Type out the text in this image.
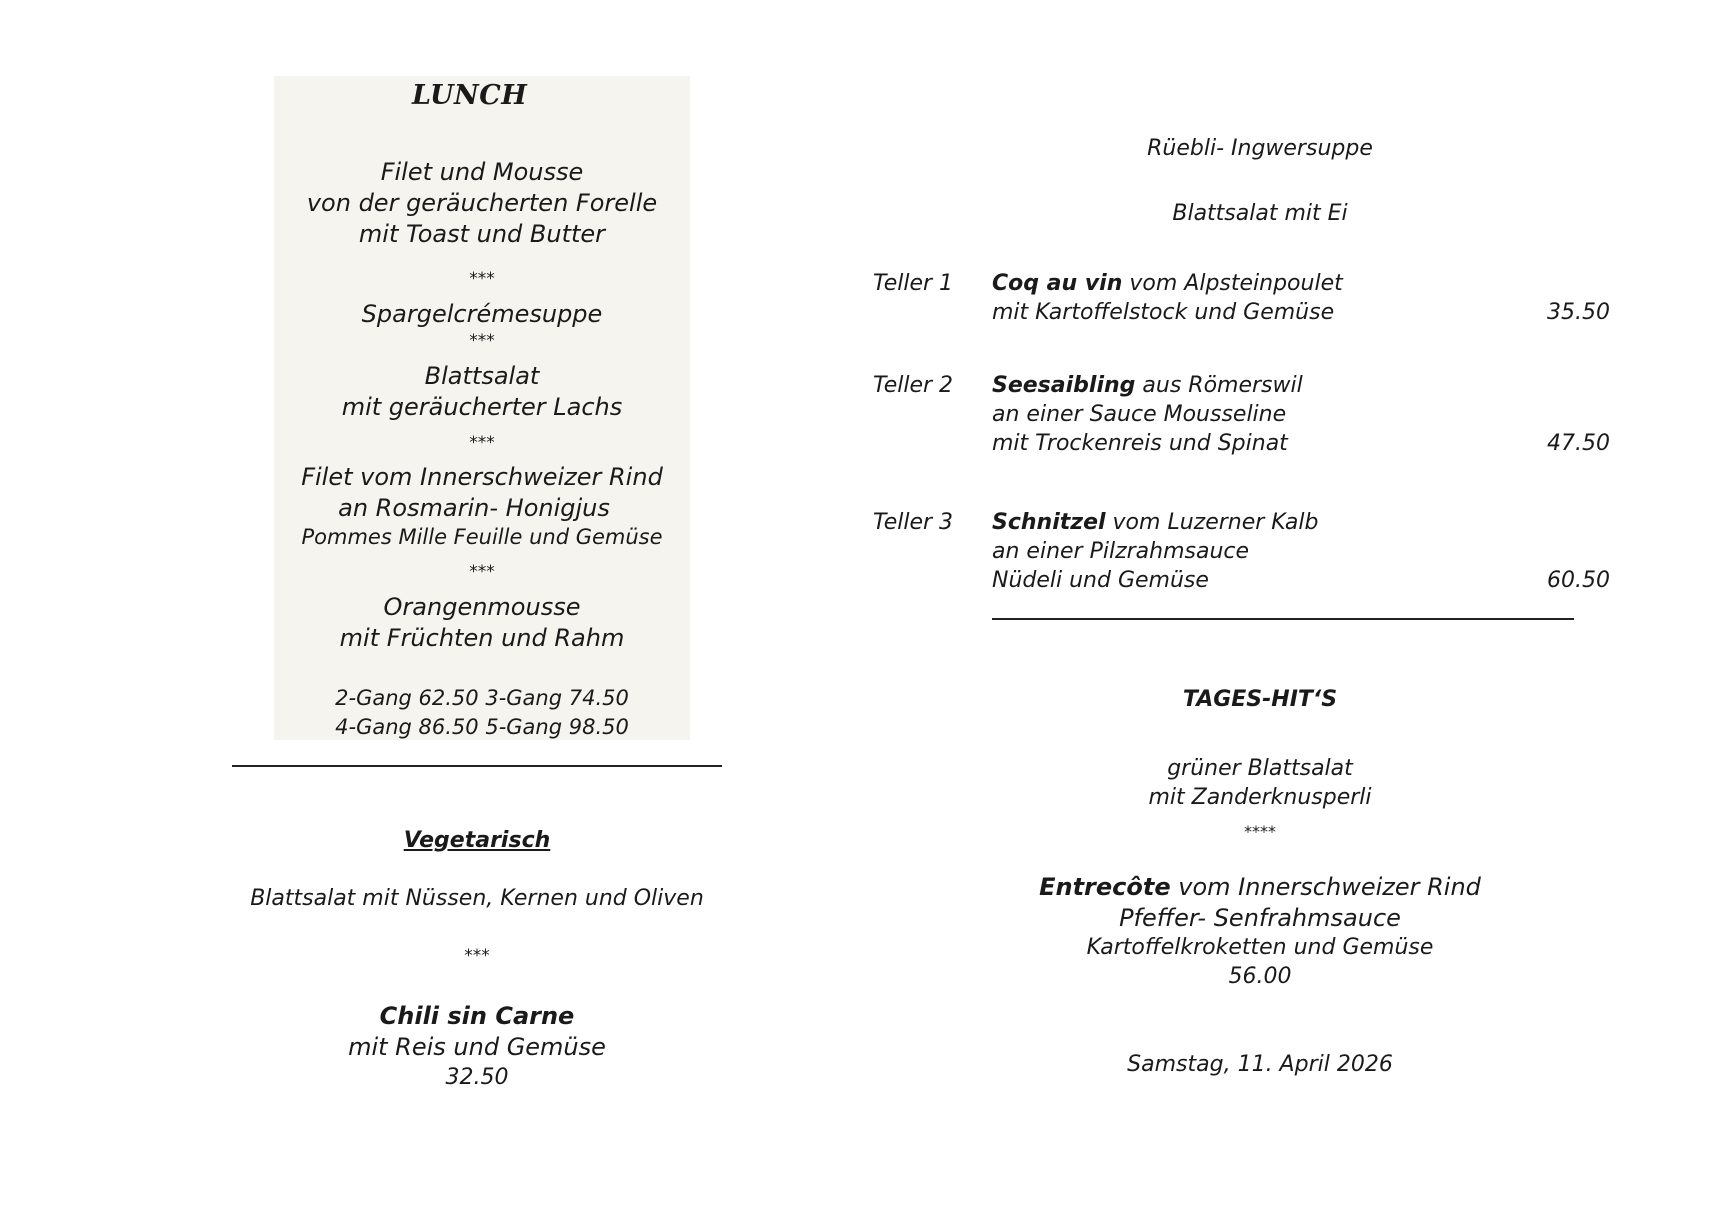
LUNCH
Filet und Mousse
von der geräucherten Forelle
mit Toast und Butter
***
Spargelcrémesuppe
***
Blattsalat
mit geräucherter Lachs
***
Filet vom Innerschweizer Rind
an Rosmarin- Honigjus
Pommes Mille Feuille und Gemüse
***
Orangenmousse
mit Früchten und Rahm
2-Gang 62.50 3-Gang 74.50
4-Gang 86.50 5-Gang 98.50
Vegetarisch
Blattsalat mit Nüssen, Kernen und Oliven
***
Chili sin Carne
mit Reis und Gemüse
32.50
Rüebli- Ingwersuppe
Blattsalat mit Ei
Teller 1 Coq au vin vom Alpsteinpoulet
mit Kartoffelstock und Gemüse	35.50
Teller 2 Seesaibling aus Römerswil
an einer Sauce Mousseline
mit Trockenreis und Spinat	47.50
Teller 3 Schnitzel vom Luzerner Kalb
an einer Pilzrahmsauce
Nüdeli und Gemüse	60.50
TAGES-HIT‘S
grüner Blattsalat
mit Zanderknusperli
****
Entrecôte vom Innerschweizer Rind
Pfeffer- Senfrahmsauce
Kartoffelkroketten und Gemüse
56.00
Samstag, 11. April 2026
